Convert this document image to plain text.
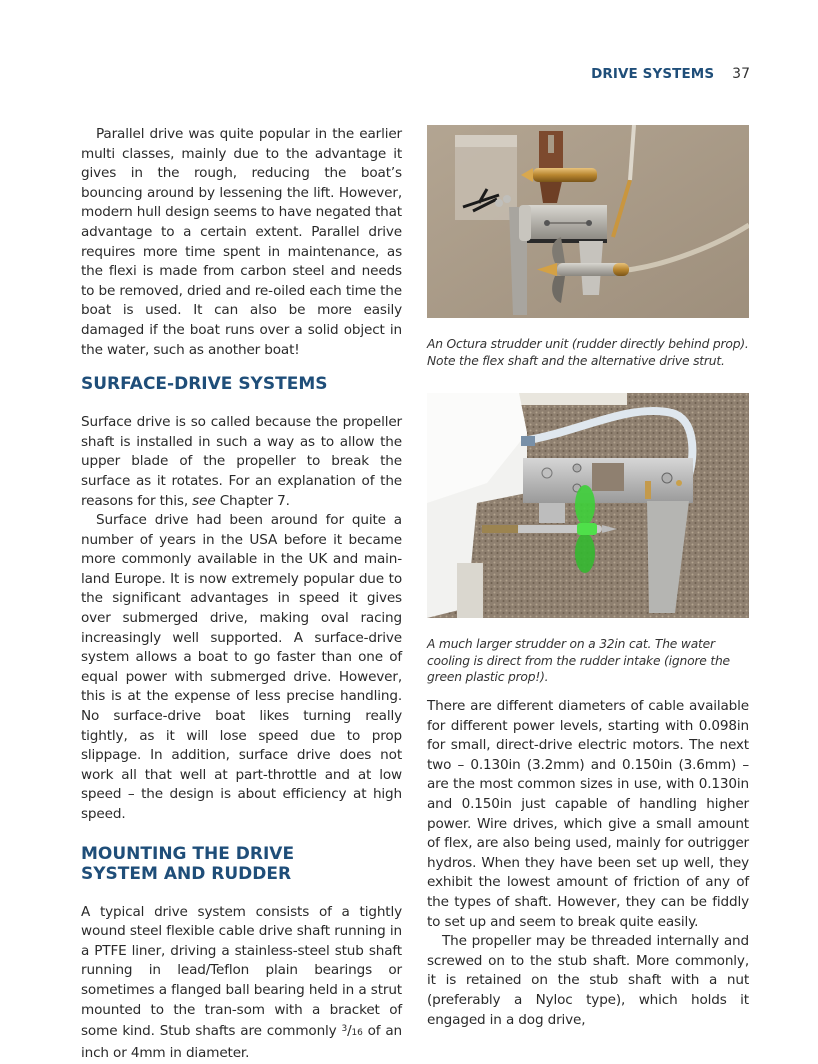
DRIVE SYSTEMS 37

Parallel drive was quite popular in the earlier multi classes, mainly due to the advantage it gives in the rough, reducing the boat’s bouncing around by lessening the lift. However, modern hull design seems to have negated that advantage to a certain extent. Parallel drive requires more time spent in maintenance, as the flexi is made from carbon steel and needs to be removed, dried and re-oiled each time the boat is used. It can also be more easily damaged if the boat runs over a solid object in the water, such as another boat!

SURFACE-DRIVE SYSTEMS

Surface drive is so called because the propeller shaft is installed in such a way as to allow the upper blade of the propeller to break the surface as it rotates. For an explanation of the reasons for this, see Chapter 7.

Surface drive had been around for quite a number of years in the USA before it became more commonly available in the UK and main-land Europe. It is now extremely popular due to the significant advantages in speed it gives over submerged drive, making oval racing increasingly well supported. A surface-drive system allows a boat to go faster than one of equal power with submerged drive. However, this is at the expense of less precise handling. No surface-drive boat likes turning really tightly, as it will lose speed due to prop slippage. In addition, surface drive does not work all that well at part-throttle and at low speed – the design is about efficiency at high speed.

MOUNTING THE DRIVE
SYSTEM AND RUDDER

A typical drive system consists of a tightly wound steel flexible cable drive shaft running in a PTFE liner, driving a stainless-steel stub shaft running in lead/Teflon plain bearings or sometimes a flanged ball bearing held in a strut mounted to the tran-som with a bracket of some kind. Stub shafts are commonly $^3$/16 of an inch or 4mm in diameter.

An Octura strudder unit (rudder directly behind prop). Note the flex shaft and the alternative drive strut.
A much larger strudder on a 32in cat. The water cooling is direct from the rudder intake (ignore the green plastic prop!).

There are different diameters of cable available for different power levels, starting with 0.098in for small, direct-drive electric motors. The next two – 0.130in (3.2mm) and 0.150in (3.6mm) – are the most common sizes in use, with 0.130in and 0.150in just capable of handling higher power. Wire drives, which give a small amount of flex, are also being used, mainly for outrigger hydros. When they have been set up well, they exhibit the lowest amount of friction of any of the types of shaft. However, they can be fiddly to set up and seem to break quite easily.

The propeller may be threaded internally and screwed on to the stub shaft. More commonly, it is retained on the stub shaft with a nut (preferably a Nyloc type), which holds it engaged in a dog drive,
